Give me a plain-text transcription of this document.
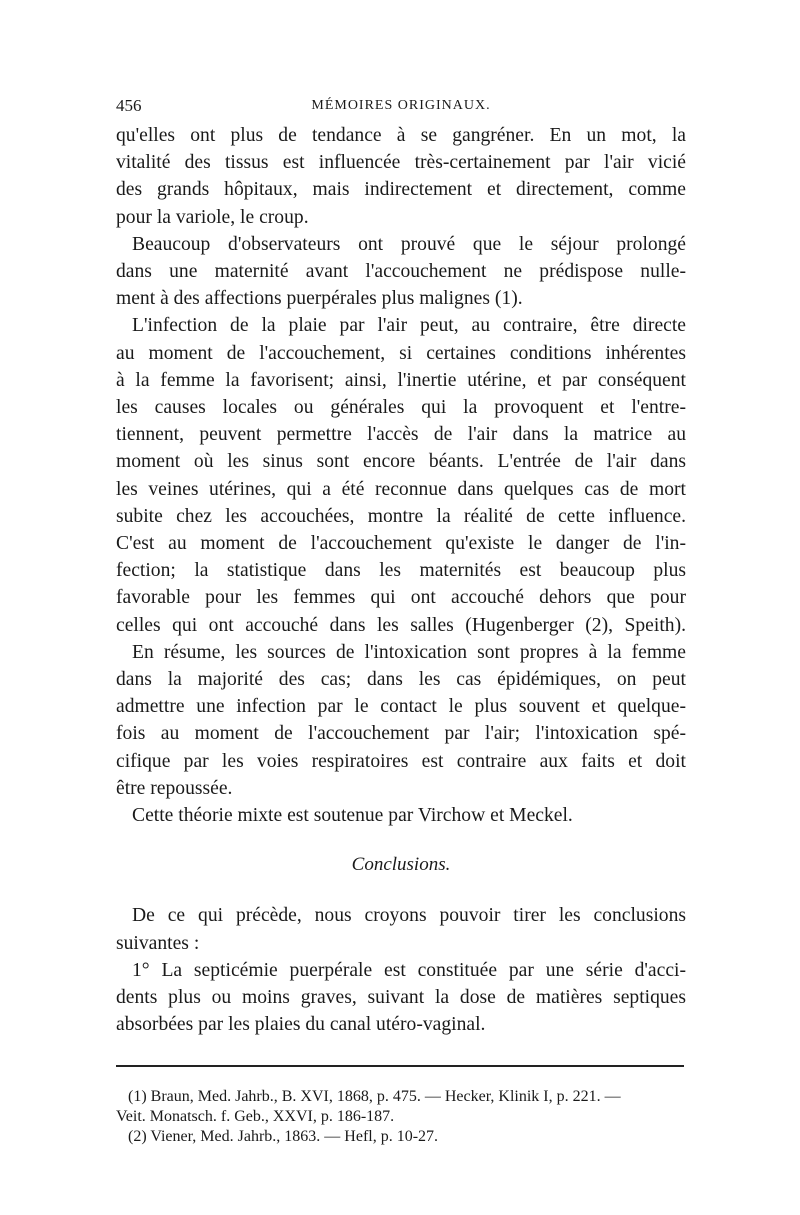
456	MÉMOIRES ORIGINAUX.
qu'elles ont plus de tendance à se gangréner. En un mot, la
vitalité des tissus est influencée très-certainement par l'air vicié
des grands hôpitaux, mais indirectement et directement, comme
pour la variole, le croup.
Beaucoup d'observateurs ont prouvé que le séjour prolongé
dans une maternité avant l'accouchement ne prédispose nulle-
ment à des affections puerpérales plus malignes (1).
L'infection de la plaie par l'air peut, au contraire, être directe
au moment de l'accouchement, si certaines conditions inhérentes
à la femme la favorisent; ainsi, l'inertie utérine, et par conséquent
les causes locales ou générales qui la provoquent et l'entre-
tiennent, peuvent permettre l'accès de l'air dans la matrice au
moment où les sinus sont encore béants. L'entrée de l'air dans
les veines utérines, qui a été reconnue dans quelques cas de mort
subite chez les accouchées, montre la réalité de cette influence.
C'est au moment de l'accouchement qu'existe le danger de l'in-
fection; la statistique dans les maternités est beaucoup plus
favorable pour les femmes qui ont accouché dehors que pour
celles qui ont accouché dans les salles (Hugenberger (2), Speith).
En résume, les sources de l'intoxication sont propres à la femme
dans la majorité des cas; dans les cas épidémiques, on peut
admettre une infection par le contact le plus souvent et quelque-
fois au moment de l'accouchement par l'air; l'intoxication spé-
cifique par les voies respiratoires est contraire aux faits et doit
être repoussée.
Cette théorie mixte est soutenue par Virchow et Meckel.
Conclusions.
De ce qui précède, nous croyons pouvoir tirer les conclusions
suivantes :
1° La septicémie puerpérale est constituée par une série d'acci-
dents plus ou moins graves, suivant la dose de matières septiques
absorbées par les plaies du canal utéro-vaginal.
(1) Braun, Med. Jahrb., B. XVI, 1868, p. 475. — Hecker, Klinik I, p. 221. —
Veit. Monatsch. f. Geb., XXVI, p. 186-187.
(2) Viener, Med. Jahrb., 1863. — Hefl, p. 10-27.
